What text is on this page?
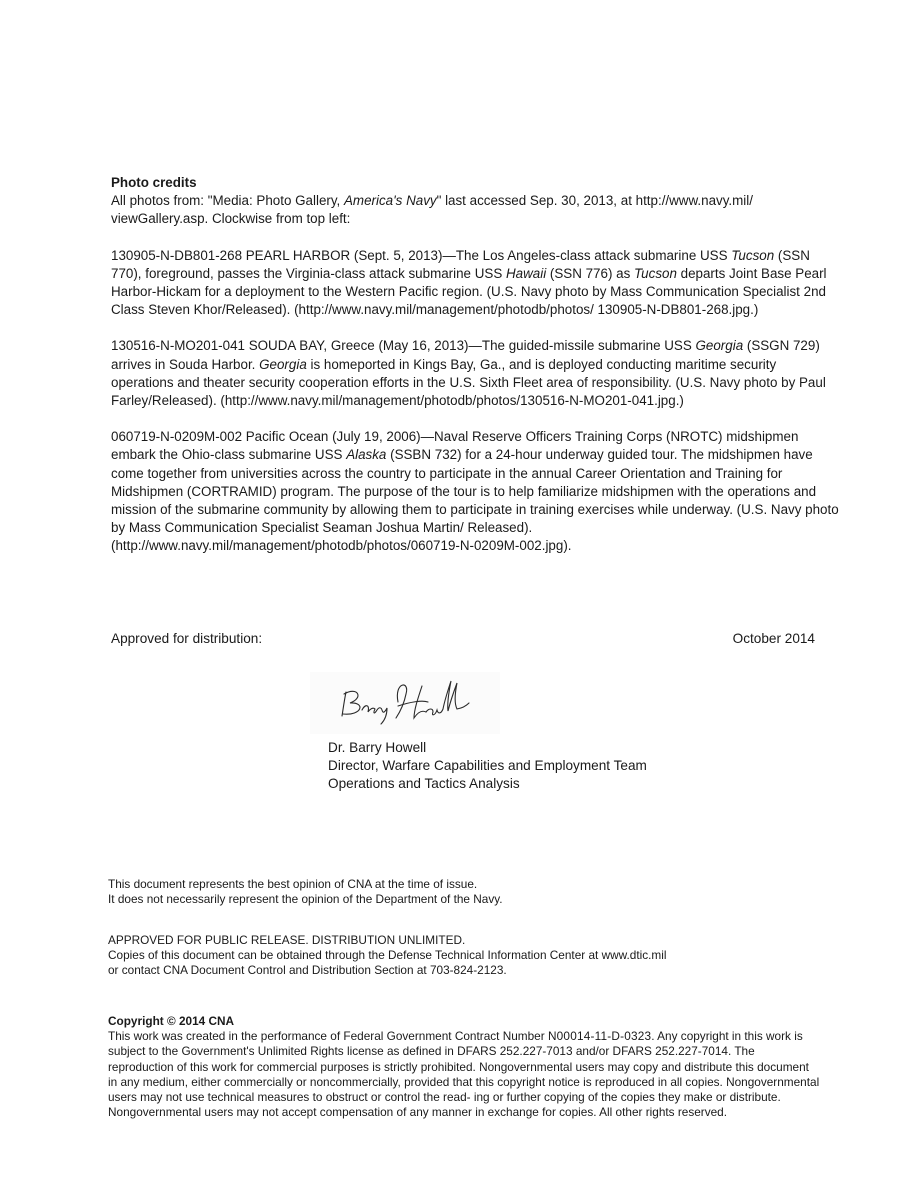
Photo credits
All photos from: "Media: Photo Gallery, America's Navy" last accessed Sep. 30, 2013, at http://www.navy.mil/ viewGallery.asp. Clockwise from top left:

130905-N-DB801-268 PEARL HARBOR (Sept. 5, 2013)—The Los Angeles-class attack submarine USS Tucson (SSN 770), foreground, passes the Virginia-class attack submarine USS Hawaii (SSN 776) as Tucson departs Joint Base Pearl Harbor-Hickam for a deployment to the Western Pacific region. (U.S. Navy photo by Mass Communication Specialist 2nd Class Steven Khor/Released). (http://www.navy.mil/management/photodb/photos/ 130905-N-DB801-268.jpg.)

130516-N-MO201-041 SOUDA BAY, Greece (May 16, 2013)—The guided-missile submarine USS Georgia (SSGN 729) arrives in Souda Harbor. Georgia is homeported in Kings Bay, Ga., and is deployed conducting maritime security operations and theater security cooperation efforts in the U.S. Sixth Fleet area of responsibility. (U.S. Navy photo by Paul Farley/Released). (http://www.navy.mil/management/photodb/photos/130516-N-MO201-041.jpg.)

060719-N-0209M-002 Pacific Ocean (July 19, 2006)—Naval Reserve Officers Training Corps (NROTC) midshipmen embark the Ohio-class submarine USS Alaska (SSBN 732) for a 24-hour underway guided tour. The midshipmen have come together from universities across the country to participate in the annual Career Orientation and Training for Midshipmen (CORTRAMID) program. The purpose of the tour is to help familiarize midshipmen with the operations and mission of the submarine community by allowing them to participate in training exercises while underway. (U.S. Navy photo by Mass Communication Specialist Seaman Joshua Martin/ Released). (http://www.navy.mil/management/photodb/photos/060719-N-0209M-002.jpg).

Approved for distribution:	October 2014
Dr. Barry Howell
Director, Warfare Capabilities and Employment Team
Operations and Tactics Analysis
This document represents the best opinion of CNA at the time of issue.
It does not necessarily represent the opinion of the Department of the Navy.
APPROVED FOR PUBLIC RELEASE. DISTRIBUTION UNLIMITED.
Copies of this document can be obtained through the Defense Technical Information Center at www.dtic.mil
or contact CNA Document Control and Distribution Section at 703-824-2123.
Copyright © 2014 CNA
This work was created in the performance of Federal Government Contract Number N00014-11-D-0323. Any copyright in this work is subject to the Government's Unlimited Rights license as defined in DFARS 252.227-7013 and/or DFARS 252.227-7014. The reproduction of this work for commercial purposes is strictly prohibited. Nongovernmental users may copy and distribute this document in any medium, either commercially or noncommercially, provided that this copyright notice is reproduced in all copies. Nongovernmental users may not use technical measures to obstruct or control the read- ing or further copying of the copies they make or distribute. Nongovernmental users may not accept compensation of any manner in exchange for copies. All other rights reserved.
